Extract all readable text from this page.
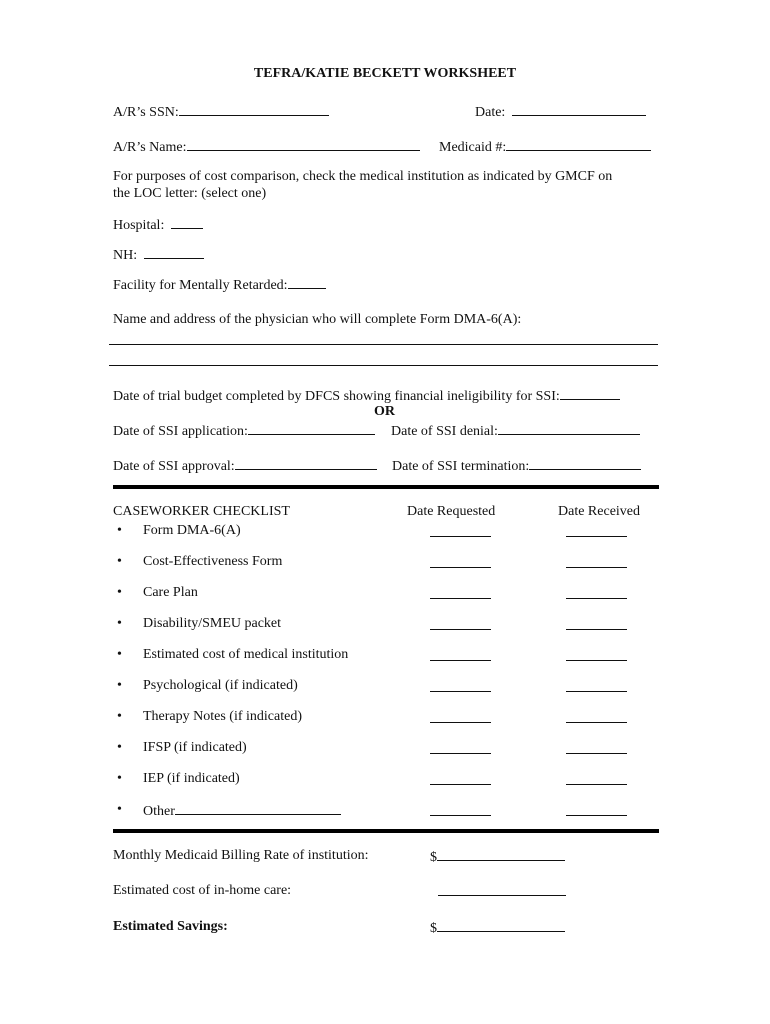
TEFRA/KATIE BECKETT WORKSHEET
A/R’s SSN:	Date:
A/R’s Name:	Medicaid #:
For purposes of cost comparison, check the medical institution as indicated by GMCF on
the LOC letter: (select one)
Hospital:
NH:
Facility for Mentally Retarded:
Name and address of the physician who will complete Form DMA-6(A):
Date of trial budget completed by DFCS showing financial ineligibility for SSI:
OR
Date of SSI application:	Date of SSI denial:
Date of SSI approval:	Date of SSI termination:
CASEWORKER CHECKLIST	Date Requested	Date Received
• Form DMA-6(A)
• Cost-Effectiveness Form
• Care Plan
• Disability/SMEU packet
• Estimated cost of medical institution
• Psychological (if indicated)
• Therapy Notes (if indicated)
• IFSP (if indicated)
• IEP (if indicated)
• Other
Monthly Medicaid Billing Rate of institution:	$
Estimated cost of in-home care:
Estimated Savings:	$
